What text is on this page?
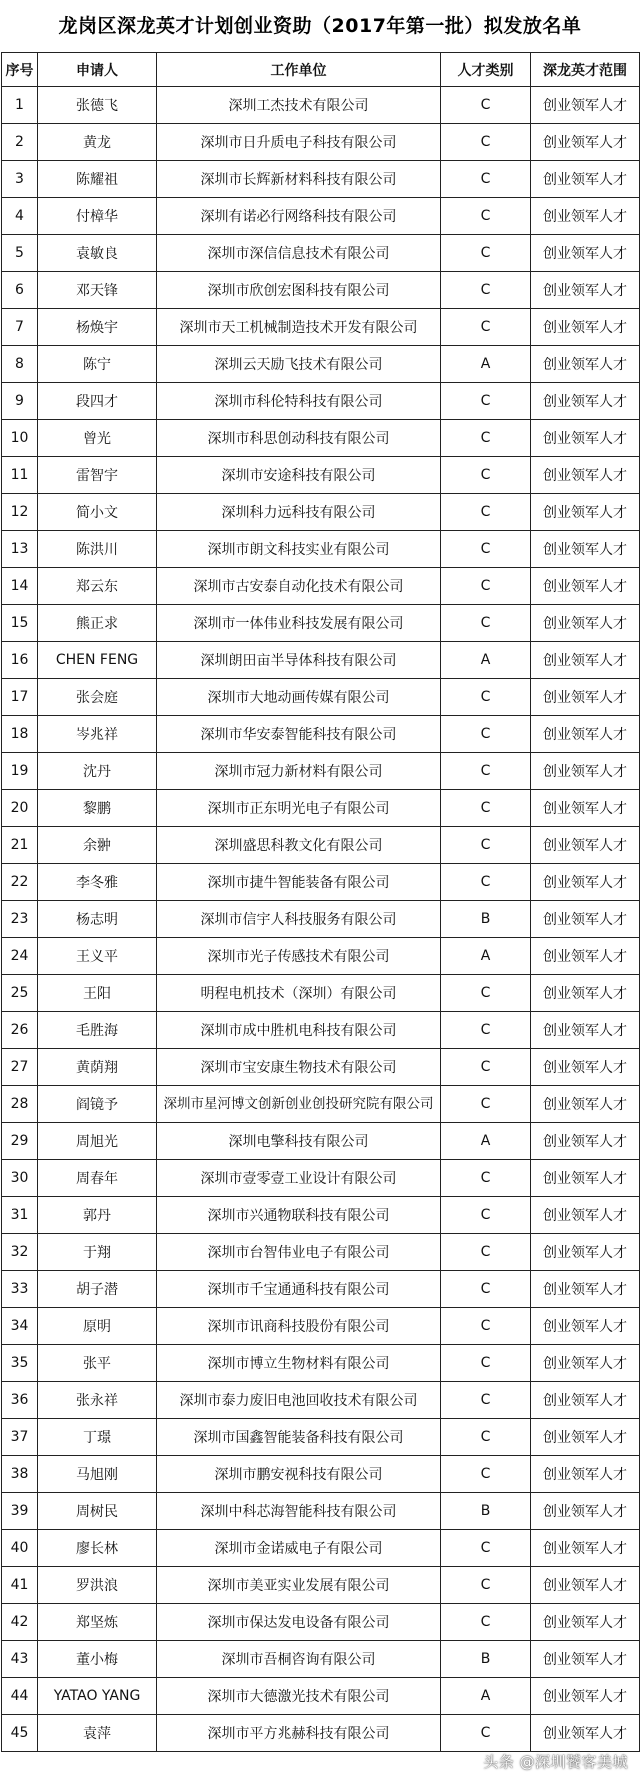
龙岗区深龙英才计划创业资助（2017年第一批）拟发放名单
序号	申请人	工作单位	人才类别	深龙英才范围
1	张德飞	深圳工杰技术有限公司	C	创业领军人才
2	黄龙	深圳市日升质电子科技有限公司	C	创业领军人才
3	陈耀祖	深圳市长辉新材料科技有限公司	C	创业领军人才
4	付樟华	深圳有诺必行网络科技有限公司	C	创业领军人才
5	袁敏良	深圳市深信信息技术有限公司	C	创业领军人才
6	邓天锋	深圳市欣创宏图科技有限公司	C	创业领军人才
7	杨焕宇	深圳市天工机械制造技术开发有限公司	C	创业领军人才
8	陈宁	深圳云天励飞技术有限公司	A	创业领军人才
9	段四才	深圳市科伦特科技有限公司	C	创业领军人才
10	曾光	深圳市科思创动科技有限公司	C	创业领军人才
11	雷智宇	深圳市安途科技有限公司	C	创业领军人才
12	简小文	深圳科力远科技有限公司	C	创业领军人才
13	陈洪川	深圳市朗文科技实业有限公司	C	创业领军人才
14	郑云东	深圳市古安泰自动化技术有限公司	C	创业领军人才
15	熊正求	深圳市一体伟业科技发展有限公司	C	创业领军人才
16	CHEN FENG	深圳朗田亩半导体科技有限公司	A	创业领军人才
17	张会庭	深圳市大地动画传媒有限公司	C	创业领军人才
18	岑兆祥	深圳市华安泰智能科技有限公司	C	创业领军人才
19	沈丹	深圳市冠力新材料有限公司	C	创业领军人才
20	黎鹏	深圳市正东明光电子有限公司	C	创业领军人才
21	余翀	深圳盛思科教文化有限公司	C	创业领军人才
22	李冬雅	深圳市捷牛智能装备有限公司	C	创业领军人才
23	杨志明	深圳市信宇人科技服务有限公司	B	创业领军人才
24	王义平	深圳市光子传感技术有限公司	A	创业领军人才
25	王阳	明程电机技术（深圳）有限公司	C	创业领军人才
26	毛胜海	深圳市成中胜机电科技有限公司	C	创业领军人才
27	黄荫翔	深圳市宝安康生物技术有限公司	C	创业领军人才
28	阎镜予	深圳市星河博文创新创业创投研究院有限公司	C	创业领军人才
29	周旭光	深圳电擎科技有限公司	A	创业领军人才
30	周春年	深圳市壹零壹工业设计有限公司	C	创业领军人才
31	郭丹	深圳市兴通物联科技有限公司	C	创业领军人才
32	于翔	深圳市台智伟业电子有限公司	C	创业领军人才
33	胡子潜	深圳市千宝通通科技有限公司	C	创业领军人才
34	原明	深圳市讯商科技股份有限公司	C	创业领军人才
35	张平	深圳市博立生物材料有限公司	C	创业领军人才
36	张永祥	深圳市泰力废旧电池回收技术有限公司	C	创业领军人才
37	丁璟	深圳市国鑫智能装备科技有限公司	C	创业领军人才
38	马旭刚	深圳市鹏安视科技有限公司	C	创业领军人才
39	周树民	深圳中科芯海智能科技有限公司	B	创业领军人才
40	廖长林	深圳市金诺威电子有限公司	C	创业领军人才
41	罗洪浪	深圳市美亚实业发展有限公司	C	创业领军人才
42	郑坚炼	深圳市保达发电设备有限公司	C	创业领军人才
43	董小梅	深圳市吾桐咨询有限公司	B	创业领军人才
44	YATAO YANG	深圳市大德激光技术有限公司	A	创业领军人才
45	袁萍	深圳市平方兆赫科技有限公司	C	创业领军人才
头条 @深圳饕客美城
